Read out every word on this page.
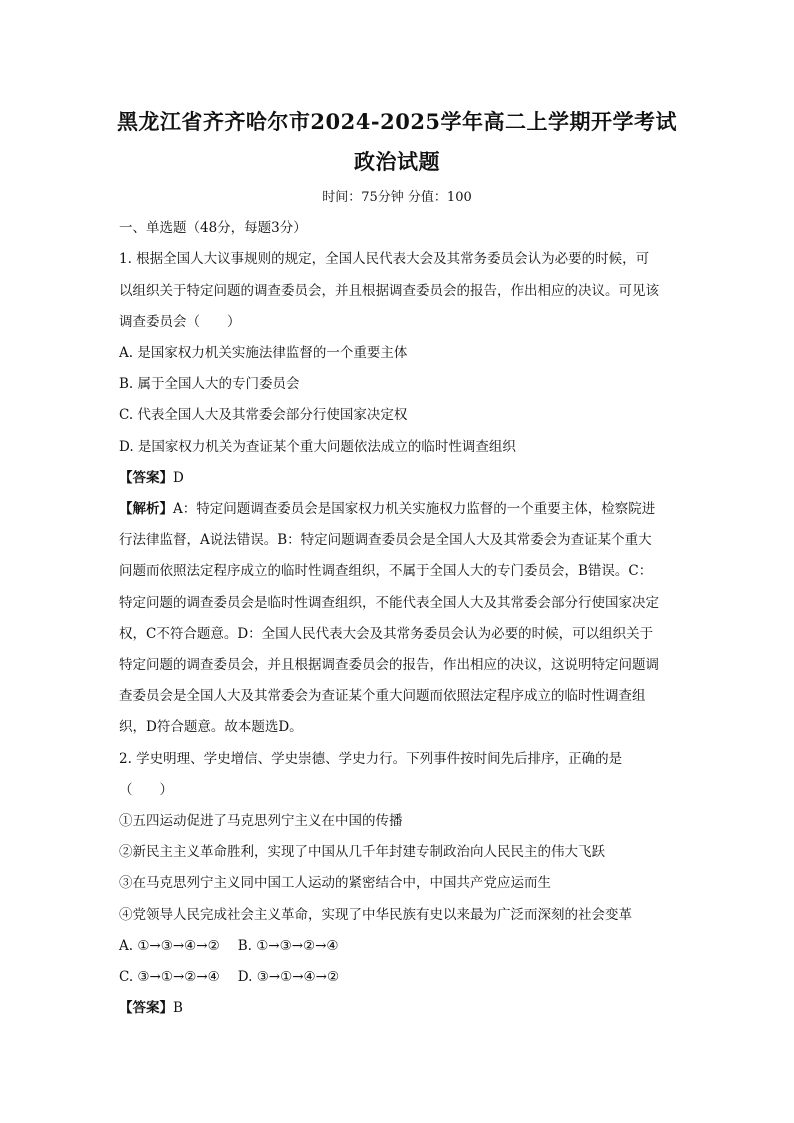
黑龙江省齐齐哈尔市2024-2025学年高二上学期开学考试
政治试题
时间：75分钟 分值：100
一、单选题（48分，每题3分）
1. 根据全国人大议事规则的规定，全国人民代表大会及其常务委员会认为必要的时候，可
以组织关于特定问题的调查委员会，并且根据调查委员会的报告，作出相应的决议。可见该
调查委员会（　　）
A. 是国家权力机关实施法律监督的一个重要主体
B. 属于全国人大的专门委员会
C. 代表全国人大及其常委会部分行使国家决定权
D. 是国家权力机关为查证某个重大问题依法成立的临时性调查组织
【答案】D
【解析】A：特定问题调查委员会是国家权力机关实施权力监督的一个重要主体，检察院进
行法律监督，A说法错误。B：特定问题调查委员会是全国人大及其常委会为查证某个重大
问题而依照法定程序成立的临时性调查组织，不属于全国人大的专门委员会，B错误。C：
特定问题的调查委员会是临时性调查组织，不能代表全国人大及其常委会部分行使国家决定
权，C不符合题意。D：全国人民代表大会及其常务委员会认为必要的时候，可以组织关于
特定问题的调查委员会，并且根据调查委员会的报告，作出相应的决议，这说明特定问题调
查委员会是全国人大及其常委会为查证某个重大问题而依照法定程序成立的临时性调查组
织，D符合题意。故本题选D。
2. 学史明理、学史增信、学史崇德、学史力行。下列事件按时间先后排序，正确的是
（　　）
①五四运动促进了马克思列宁主义在中国的传播
②新民主主义革命胜利，实现了中国从几千年封建专制政治向人民民主的伟大飞跃
③在马克思列宁主义同中国工人运动的紧密结合中，中国共产党应运而生
④党领导人民完成社会主义革命，实现了中华民族有史以来最为广泛而深刻的社会变革
A. ①→③→④→② B. ①→③→②→④
C. ③→①→②→④ D. ③→①→④→②
【答案】B
